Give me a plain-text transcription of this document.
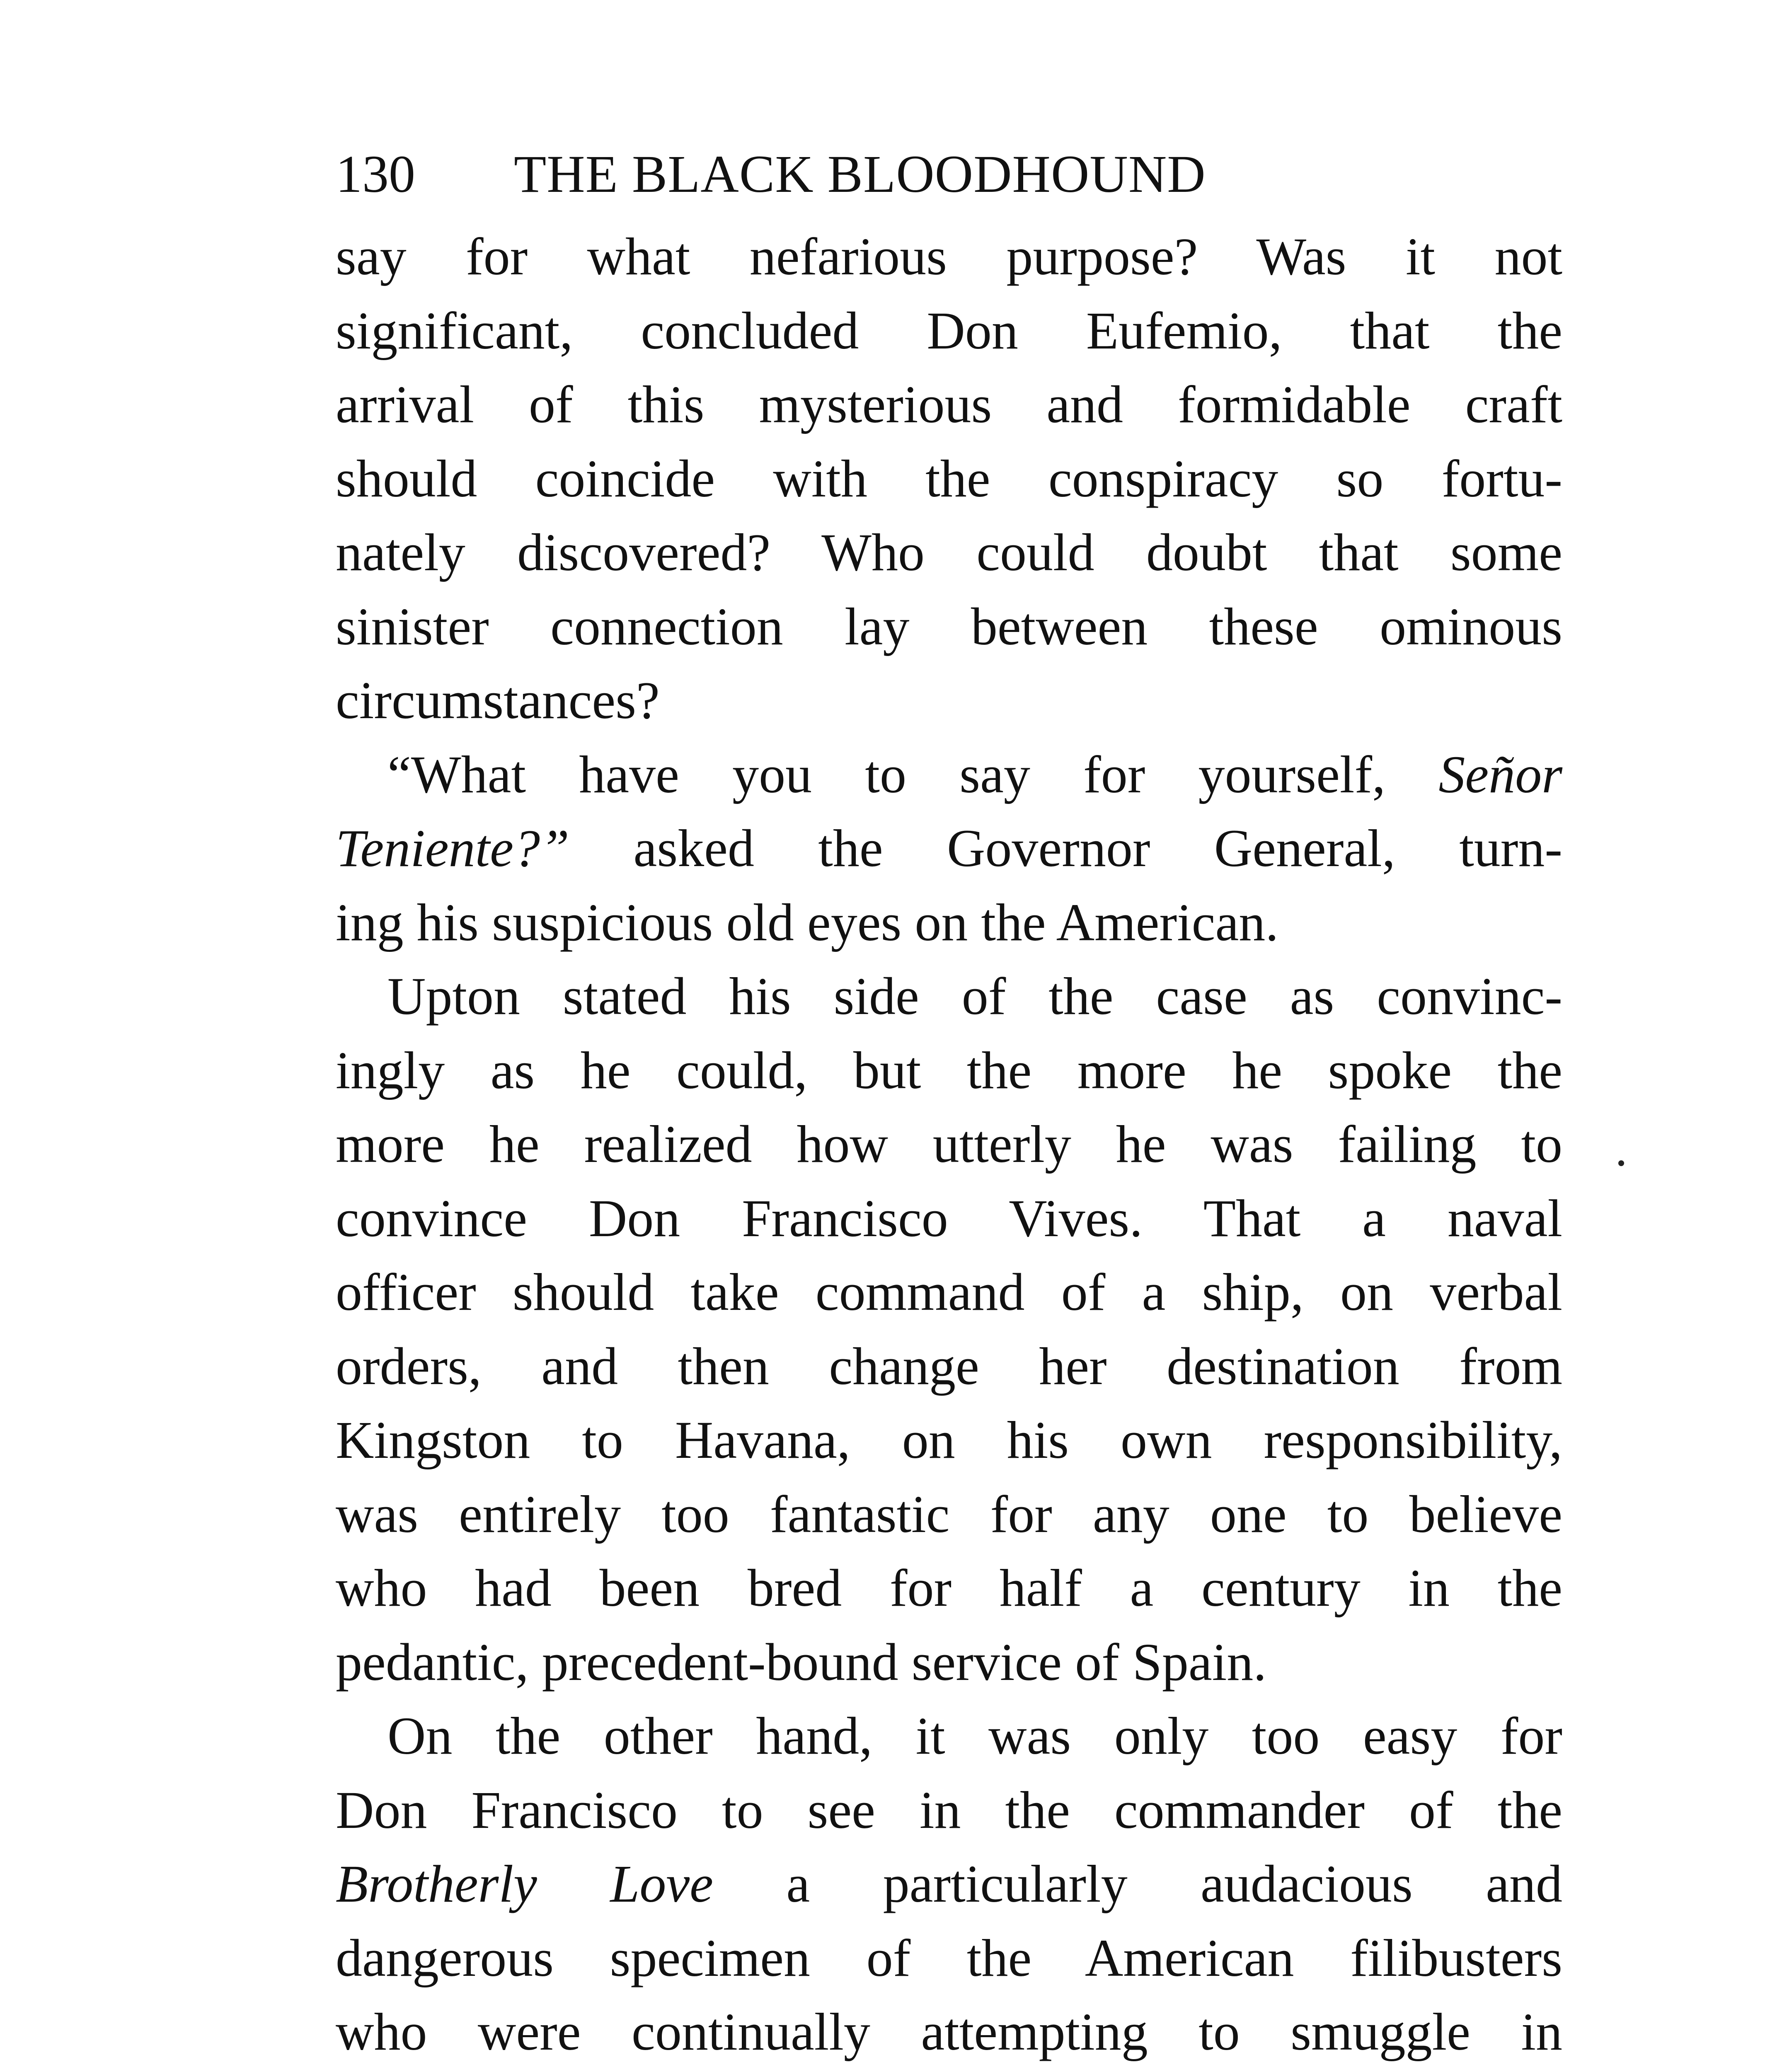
130 THE BLACK BLOODHOUND
say for what nefarious purpose? Was it not
significant, concluded Don Eufemio, that the
arrival of this mysterious and formidable craft
should coincide with the conspiracy so fortu-
nately discovered? Who could doubt that some
sinister connection lay between these ominous
circumstances?
“What have you to say for yourself, Señor
Teniente?” asked the Governor General, turn-
ing his suspicious old eyes on the American.
Upton stated his side of the case as convinc-
ingly as he could, but the more he spoke the
more he realized how utterly he was failing to
convince Don Francisco Vives. That a naval
officer should take command of a ship, on verbal
orders, and then change her destination from
Kingston to Havana, on his own responsibility,
was entirely too fantastic for any one to believe
who had been bred for half a century in the
pedantic, precedent-bound service of Spain.
On the other hand, it was only too easy for
Don Francisco to see in the commander of the
Brotherly Love a particularly audacious and
dangerous specimen of the American filibusters
who were continually attempting to smuggle in
